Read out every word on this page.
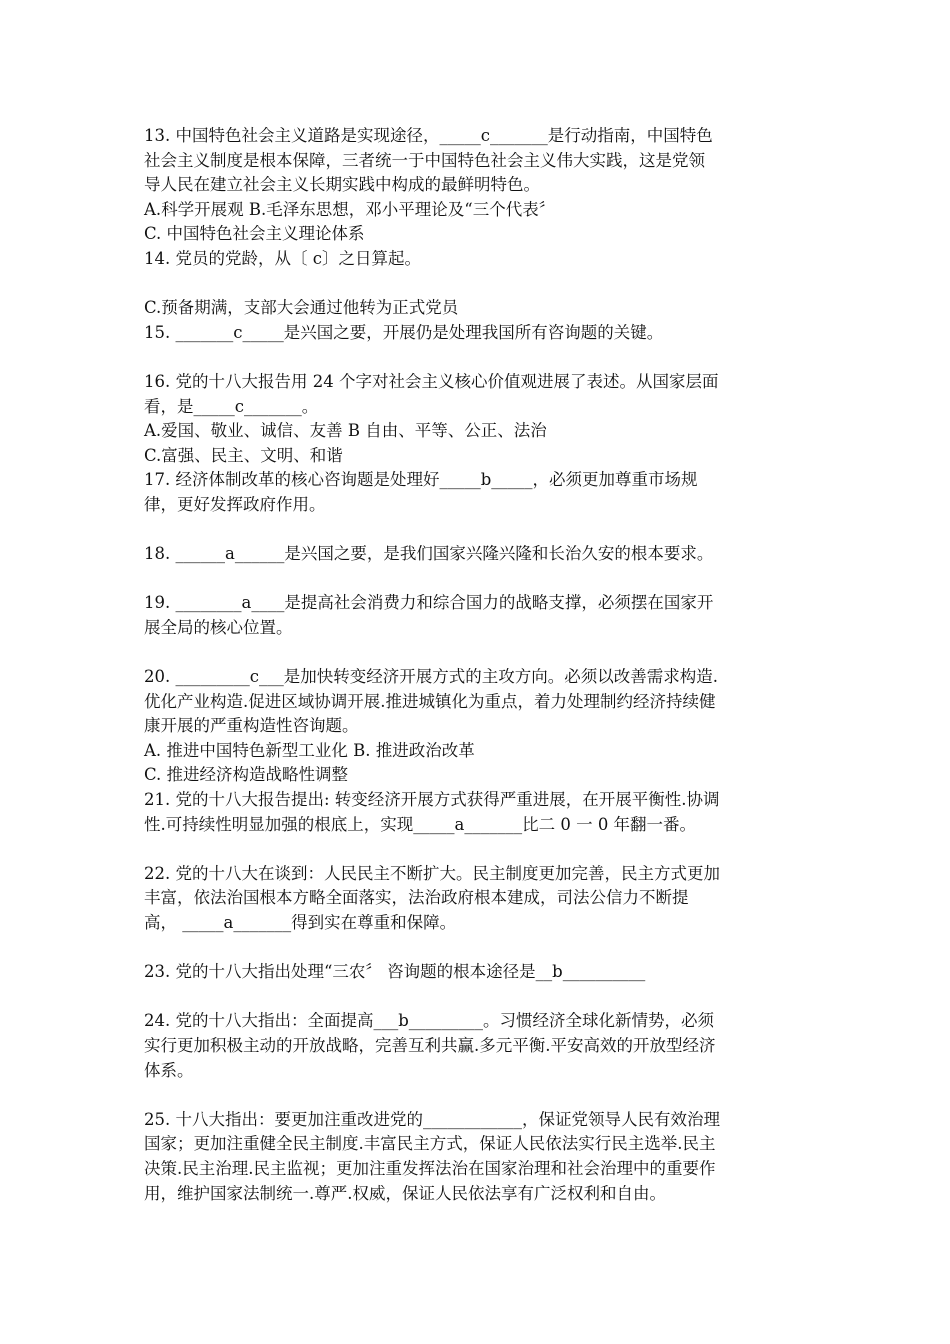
13. 中国特色社会主义道路是实现途径，_____c_______是行动指南，中国特色
社会主义制度是根本保障，三者统一于中国特色社会主义伟大实践，这是党领
导人民在建立社会主义长期实践中构成的最鲜明特色。
A.科学开展观 B.毛泽东思想，邓小平理论及“三个代表〞
C. 中国特色社会主义理论体系
14. 党员的党龄，从〔 c〕之日算起。
C.预备期满，支部大会通过他转为正式党员
15. _______c_____是兴国之要，开展仍是处理我国所有咨询题的关键。
16. 党的十八大报告用 24 个字对社会主义核心价值观进展了表述。从国家层面
看，是_____c_______。
A.爱国、敬业、诚信、友善 B 自由、平等、公正、法治
C.富强、民主、文明、和谐
17. 经济体制改革的核心咨询题是处理好_____b_____，必须更加尊重市场规
律，更好发挥政府作用。
18. ______a______是兴国之要，是我们国家兴隆兴隆和长治久安的根本要求。
19. ________a____是提高社会消费力和综合国力的战略支撑，必须摆在国家开
展全局的核心位置。
20. _________c___是加快转变经济开展方式的主攻方向。必须以改善需求构造.
优化产业构造.促进区域协调开展.推进城镇化为重点，着力处理制约经济持续健
康开展的严重构造性咨询题。
A. 推进中国特色新型工业化 B. 推进政治改革
C. 推进经济构造战略性调整
21. 党的十八大报告提出: 转变经济开展方式获得严重进展，在开展平衡性.协调
性.可持续性明显加强的根底上，实现_____a_______比二 0 一 0 年翻一番。
22. 党的十八大在谈到：人民民主不断扩大。民主制度更加完善，民主方式更加
丰富，依法治国根本方略全面落实，法治政府根本建成，司法公信力不断提
高， _____a_______得到实在尊重和保障。
23. 党的十八大指出处理“三农〞 咨询题的根本途径是__b__________
24. 党的十八大指出：全面提高___b_________。习惯经济全球化新情势，必须
实行更加积极主动的开放战略，完善互利共赢.多元平衡.平安高效的开放型经济
体系。
25. 十八大指出：要更加注重改进党的____________，保证党领导人民有效治理
国家；更加注重健全民主制度.丰富民主方式，保证人民依法实行民主选举.民主
决策.民主治理.民主监视；更加注重发挥法治在国家治理和社会治理中的重要作
用，维护国家法制统一.尊严.权威，保证人民依法享有广泛权利和自由。
